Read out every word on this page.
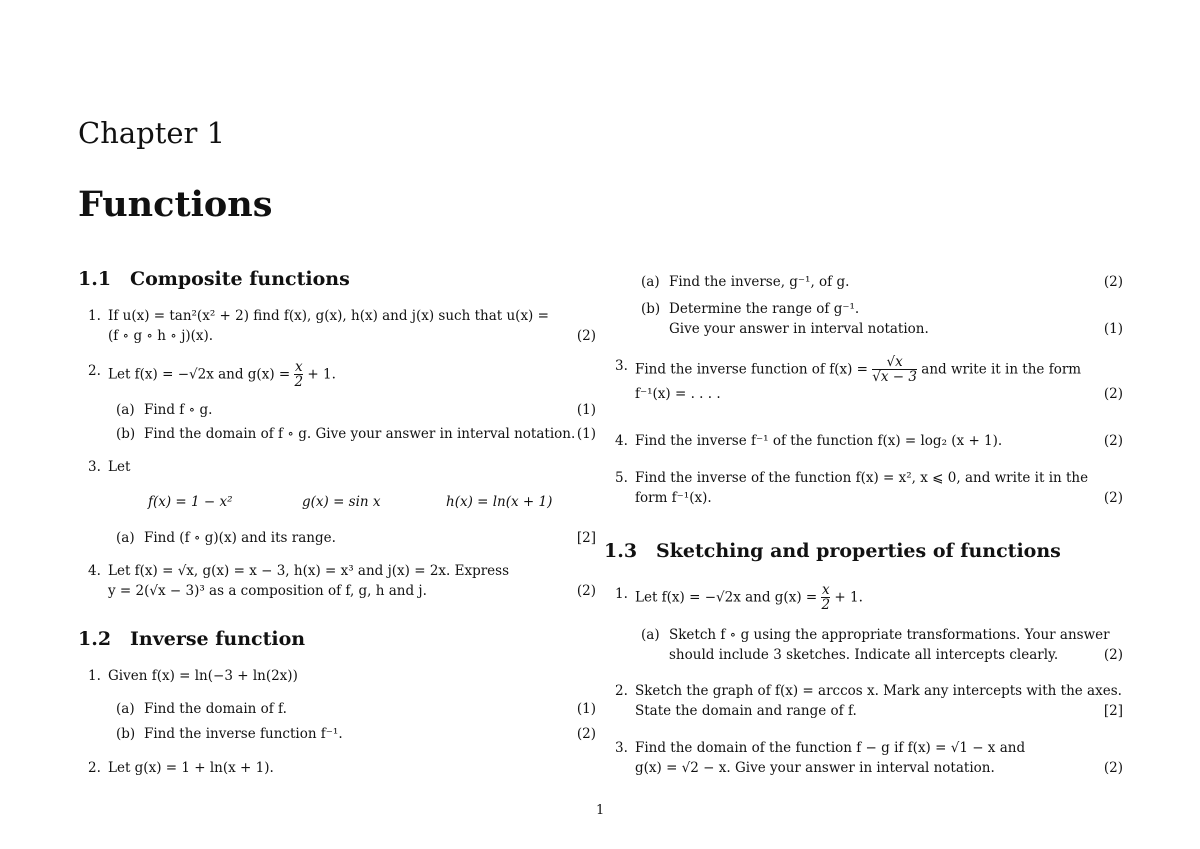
Chapter 1
Functions
1.1 Composite functions
1. If u(x) = tan²(x² + 2) find f(x), g(x), h(x) and j(x) such that u(x) =
(f ∘ g ∘ h ∘ j)(x).	(2)
2. Let f(x) = −√2x and $g(x) = \frac{x}{2} + 1$.
(a) Find f ∘ g.	(1)
(b) Find the domain of f ∘ g. Give your answer in interval notation. (1)
3. Let
f(x) = 1 − x²	g(x) = sin x	h(x) = ln(x + 1)
(a) Find (f ∘ g)(x) and its range.	[2]
4. Let f(x) = √x, g(x) = x − 3, h(x) = x³ and j(x) = 2x. Express
y = 2(√x − 3)³ as a composition of f, g, h and j.	(2)
1.2 Inverse function
1. Given f(x) = ln(−3 + ln(2x))
(a) Find the domain of f.	(1)
(b) Find the inverse function f⁻¹.	(2)
2. Let g(x) = 1 + ln(x + 1).
(a) Find the inverse, g⁻¹, of g.	(2)
(b) Determine the range of g⁻¹.
Give your answer in interval notation.	(1)
3. Find the inverse function of $f(x) = \frac{√x}{√x - 3}$ and write it in the form
f⁻¹(x) = . . . .	(2)
4. Find the inverse f⁻¹ of the function f(x) = log₂ (x + 1).	(2)
5. Find the inverse of the function f(x) = x², x ⩽ 0, and write it in the
form f⁻¹(x).	(2)
1.3 Sketching and properties of functions
1. Let f(x) = −√2x and $g(x) = \frac{x}{2} + 1$.
(a) Sketch f ∘ g using the appropriate transformations. Your answer
should include 3 sketches. Indicate all intercepts clearly.	(2)
2. Sketch the graph of f(x) = arccos x. Mark any intercepts with the axes.
State the domain and range of f.	[2]
3. Find the domain of the function f − g if f(x) = √1 − x and
g(x) = √2 − x. Give your answer in interval notation.	(2)
1
